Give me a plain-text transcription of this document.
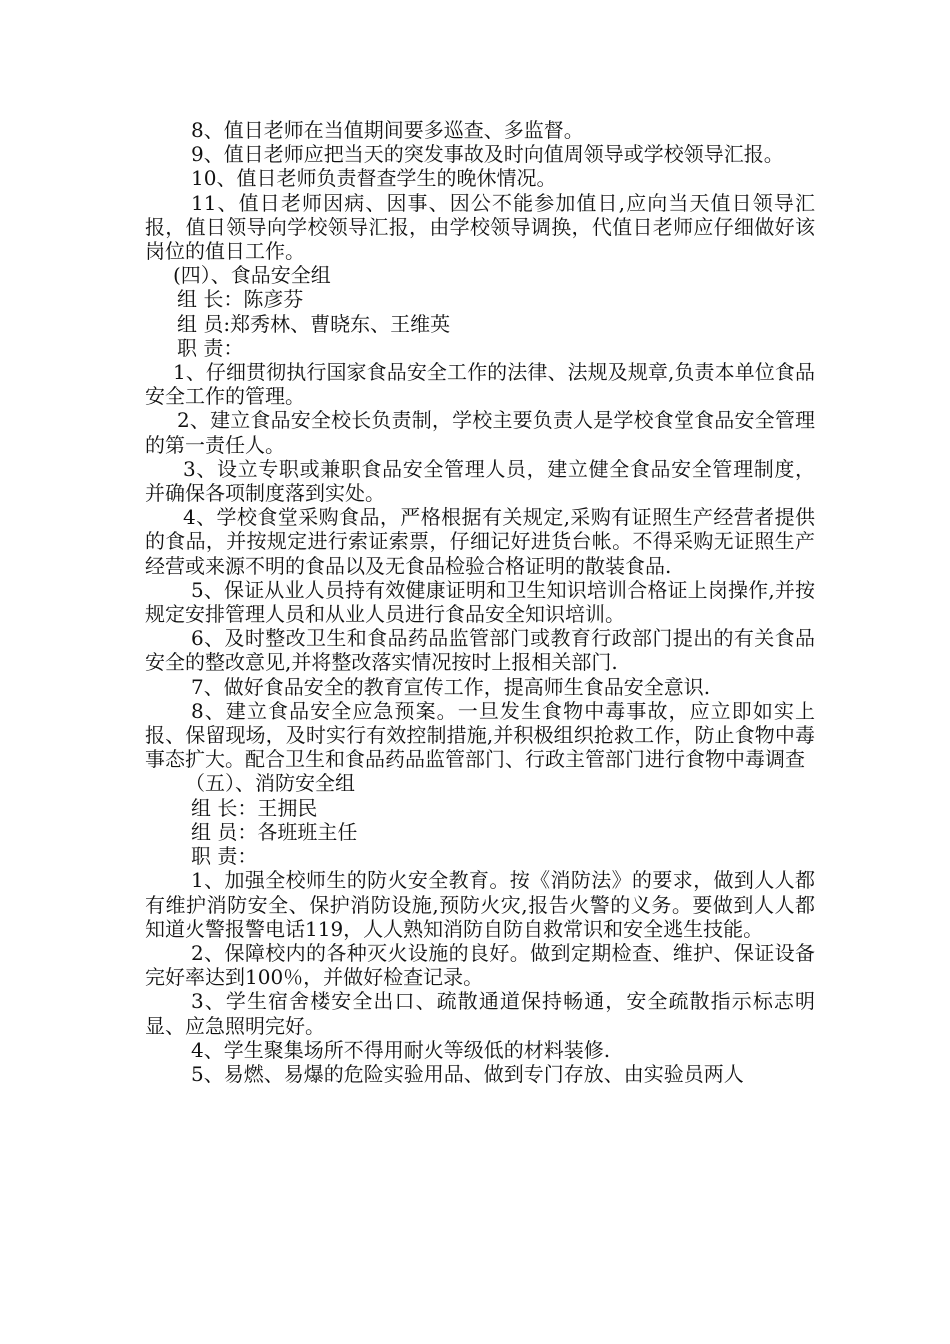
8、值日老师在当值期间要多巡查、多监督。

9、值日老师应把当天的突发事故及时向值周领导或学校领导汇报。

10、值日老师负责督查学生的晚休情况。

11、值日老师因病、因事、因公不能参加值日,应向当天值日领导汇报，值日领导向学校领导汇报，由学校领导调换，代值日老师应仔细做好该岗位的值日工作。

(四）、食品安全组

组 长：陈彦芬

组 员:郑秀林、曹晓东、王维英

职 责：

1、仔细贯彻执行国家食品安全工作的法律、法规及规章,负责本单位食品安全工作的管理。

2、建立食品安全校长负责制，学校主要负责人是学校食堂食品安全管理的第一责任人。

3、设立专职或兼职食品安全管理人员，建立健全食品安全管理制度，并确保各项制度落到实处。

4、学校食堂采购食品，严格根据有关规定,采购有证照生产经营者提供的食品，并按规定进行索证索票，仔细记好进货台帐。不得采购无证照生产经营或来源不明的食品以及无食品检验合格证明的散装食品.

5、保证从业人员持有效健康证明和卫生知识培训合格证上岗操作,并按规定安排管理人员和从业人员进行食品安全知识培训。

6、及时整改卫生和食品药品监管部门或教育行政部门提出的有关食品安全的整改意见,并将整改落实情况按时上报相关部门.

7、做好食品安全的教育宣传工作，提高师生食品安全意识.

8、建立食品安全应急预案。一旦发生食物中毒事故，应立即如实上报、保留现场，及时实行有效控制措施,并积极组织抢救工作，防止食物中毒事态扩大。配合卫生和食品药品监管部门、行政主管部门进行食物中毒调查

（五）、消防安全组

组 长：王拥民

组 员：各班班主任

职 责：

1、加强全校师生的防火安全教育。按《消防法》的要求，做到人人都有维护消防安全、保护消防设施,预防火灾,报告火警的义务。要做到人人都知道火警报警电话119，人人熟知消防自防自救常识和安全逃生技能。

2、保障校内的各种灭火设施的良好。做到定期检查、维护、保证设备完好率达到100％，并做好检查记录。

3、学生宿舍楼安全出口、疏散通道保持畅通，安全疏散指示标志明显、应急照明完好。

4、学生聚集场所不得用耐火等级低的材料装修.

5、易燃、易爆的危险实验用品、做到专门存放、由实验员两人
